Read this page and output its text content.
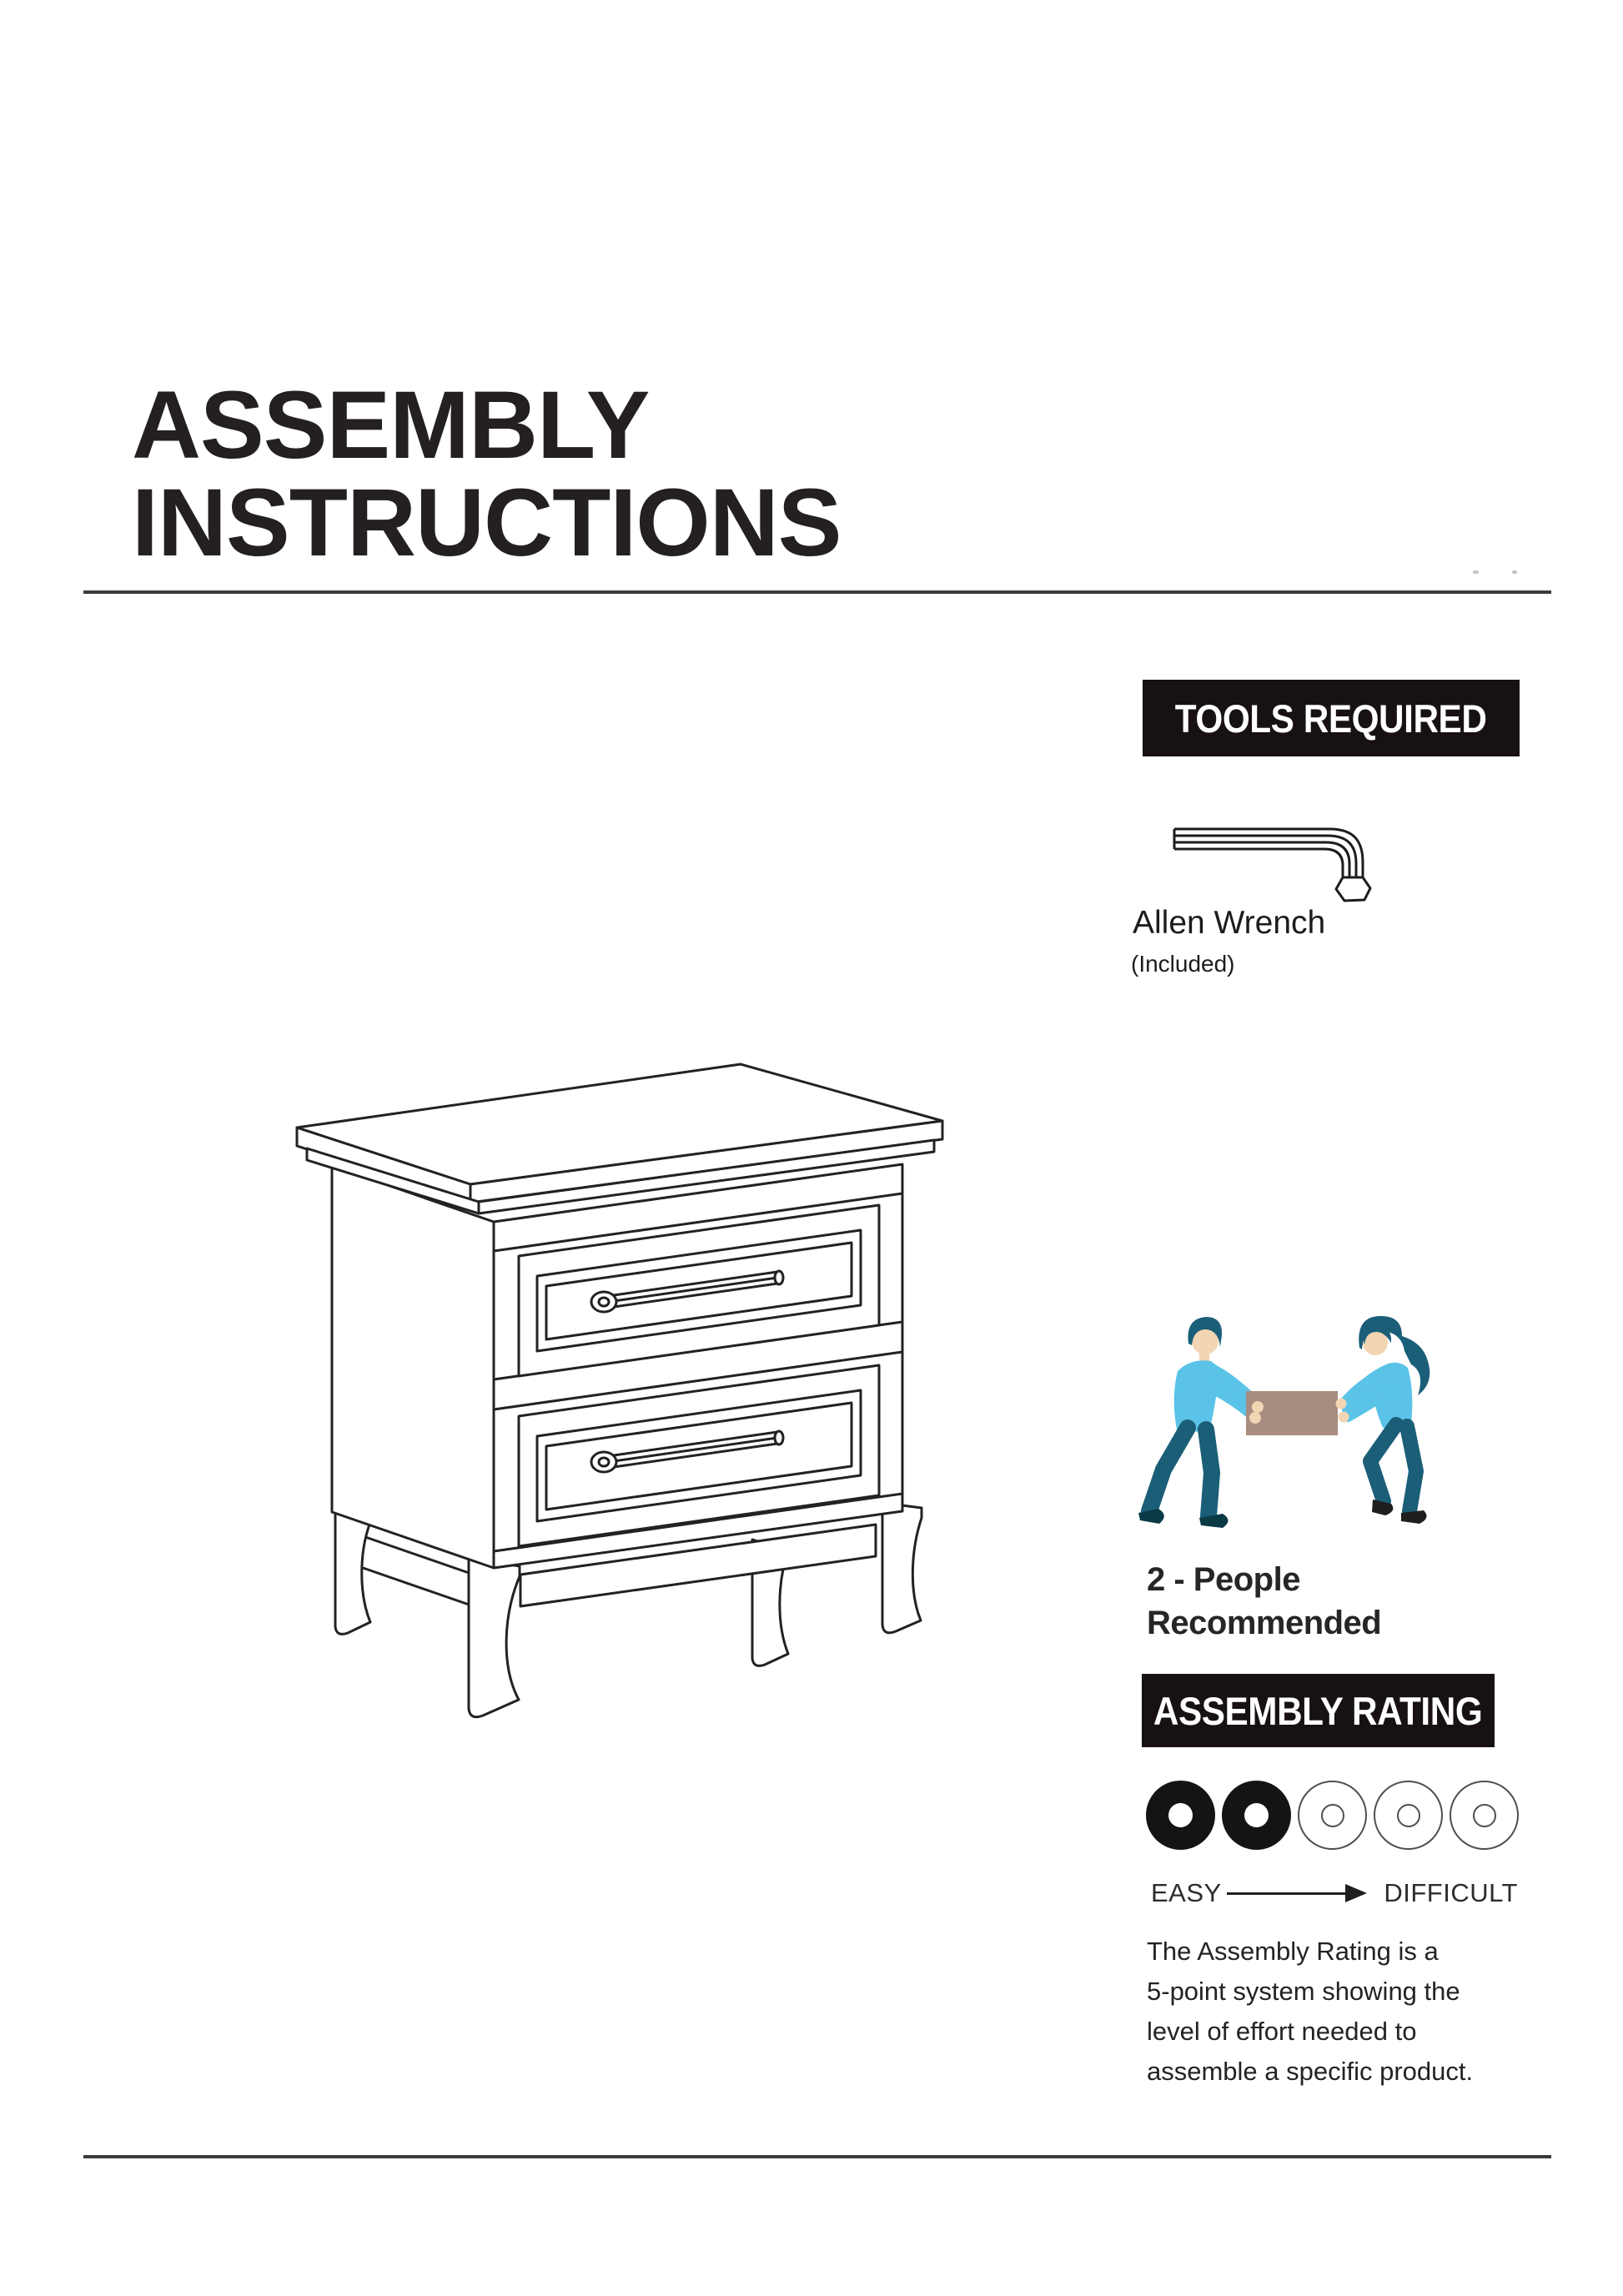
ASSEMBLY
INSTRUCTIONS
TOOLS REQUIRED
Allen Wrench
(Included)
2 - People
Recommended
ASSEMBLY RATING
EASY	DIFFICULT
The Assembly Rating is a
5-point system showing the
level of effort needed to
assemble a specific product.
